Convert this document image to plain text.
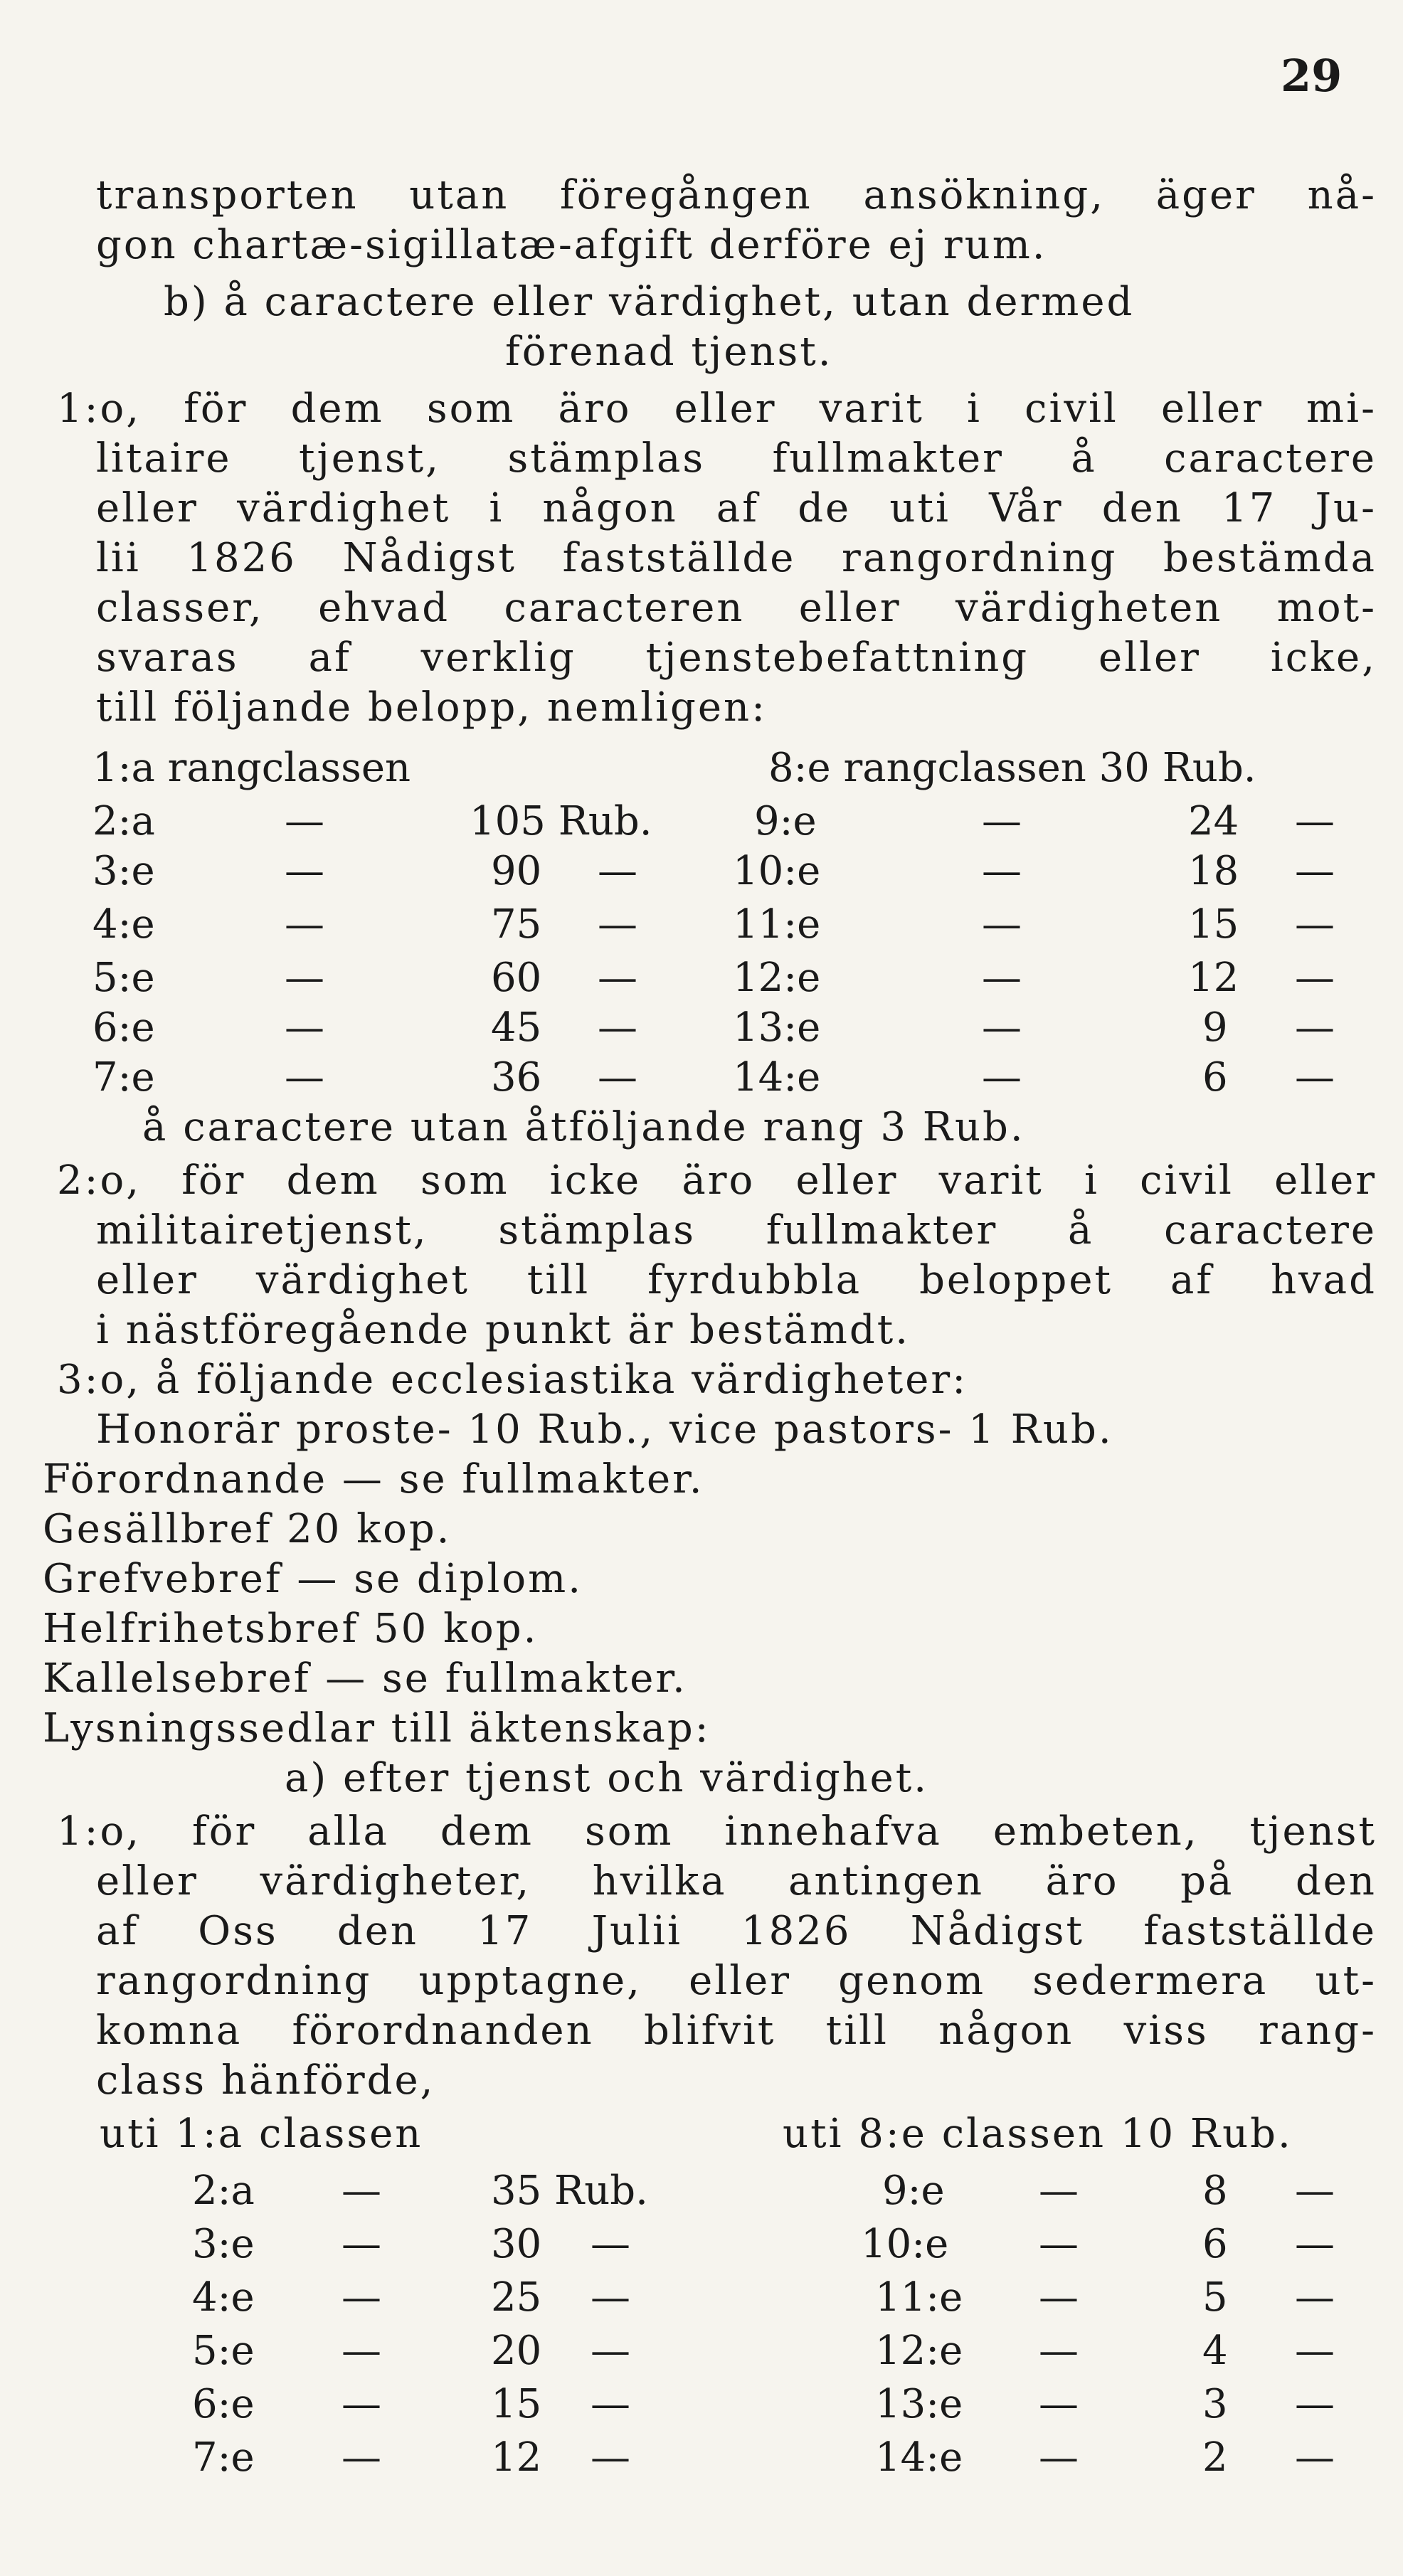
29
transporten utan föregången ansökning, äger nå-
gon chartæ-sigillatæ-afgift derföre ej rum.
b) å caractere eller värdighet, utan dermed
förenad tjenst.
1:o, för dem som äro eller varit i civil eller mi-
litaire tjenst, stämplas fullmakter å caractere
eller värdighet i någon af de uti Vår den 17 Ju-
lii 1826 Nådigst fastställde rangordning bestämda
classer, ehvad caracteren eller värdigheten mot-
svaras af verklig tjenstebefattning eller icke,
till följande belopp, nemligen:
1:a rangclassen	8:e rangclassen 30 Rub.
2:a	—	105 Rub.	9:e	—	24 —
3:e	—	90 — 10:e	—	18 —
4:e	—	75 — 11:e	—	15 —
5:e	—	60 — 12:e	—	12 —
6:e	—	45 — 13:e	—	9 —
7:e	—	36 — 14:e	—	6 —
å caractere utan åtföljande rang 3 Rub.
2:o, för dem som icke äro eller varit i civil eller
militairetjenst, stämplas fullmakter å caractere
eller värdighet till fyrdubbla beloppet af hvad
i nästföregående punkt är bestämdt.
3:o, å följande ecclesiastika värdigheter:
Honorär proste- 10 Rub., vice pastors- 1 Rub.
Förordnande — se fullmakter.
Gesällbref 20 kop.
Grefvebref — se diplom.
Helfrihetsbref 50 kop.
Kallelsebref — se fullmakter.
Lysningssedlar till äktenskap:
a) efter tjenst och värdighet.
1:o, för alla dem som innehafva embeten, tjenst
eller värdigheter, hvilka antingen äro på den
af Oss den 17 Julii 1826 Nådigst fastställde
rangordning upptagne, eller genom sedermera ut-
komna förordnanden blifvit till någon viss rang-
class hänförde,
uti 1:a classen	uti 8:e classen 10 Rub.
2:a —	35 Rub.	9:e —	8 —
3:e —	30 —	10:e —	6 —
4:e —	25 —	11:e —	5 —
5:e —	20 —	12:e —	4 —
6:e —	15 —	13:e —	3 —
7:e —	12 —	14:e —	2 —
